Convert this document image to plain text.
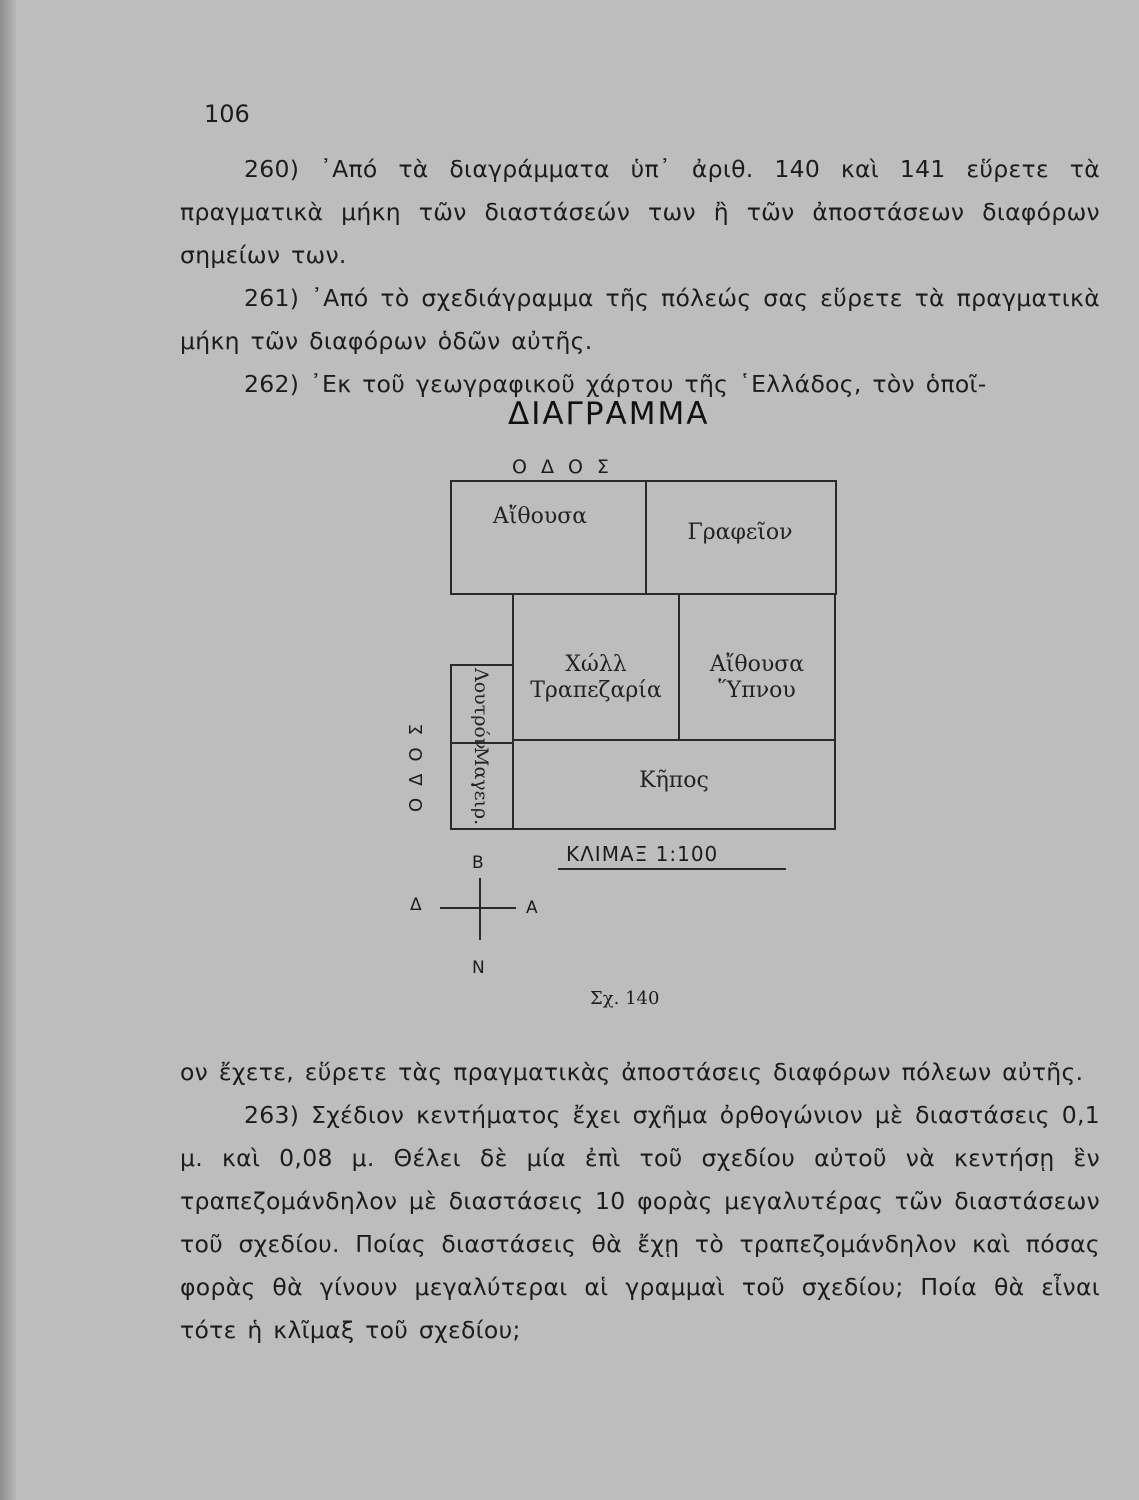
106

260) ᾿Από τὰ διαγράμματα ὑπ᾿ ἀριθ. 140 καὶ 141 εὕρετε τὰ πραγματικὰ μήκη τῶν διαστάσεών των ἢ τῶν ἀποστάσεων διαφόρων σημείων των.

261) ᾿Από τὸ σχεδιάγραμμα τῆς πόλεώς σας εὕρετε τὰ πραγματικὰ μήκη τῶν διαφόρων ὁδῶν αὐτῆς.

262) ᾿Εκ τοῦ γεωγραφικοῦ χάρτου τῆς ῾Ελλάδος, τὸν ὁποῖ-

ΔΙΑΓΡΑΜΜΑ
ΟΔΟΣ
ΟΔΟΣ
Αἴθουσα
Γραφεῖον
Χώλλ
Τραπεζαρία
Αἴθουσα
Ὕπνου
Λουτρόν
Μαγειρ.	Κῆπος
ΚΛΙΜΑΞ 1:100
Β
Ν
Α
Δ
Σχ. 140

ον ἔχετε, εὕρετε τὰς πραγματικὰς ἀποστάσεις διαφόρων πόλεων αὐτῆς.

263) Σχέδιον κεντήματος ἔχει σχῆμα ὀρθογώνιον μὲ διαστάσεις 0,1 μ. καὶ 0,08 μ. Θέλει δὲ μία ἐπὶ τοῦ σχεδίου αὐτοῦ νὰ κεντήσῃ ἓν τραπεζομάνδηλον μὲ διαστάσεις 10 φορὰς μεγαλυτέρας τῶν διαστάσεων τοῦ σχεδίου. Ποίας διαστάσεις θὰ ἔχῃ τὸ τραπεζομάνδηλον καὶ πόσας φορὰς θὰ γίνουν μεγαλύτεραι αἱ γραμμαὶ τοῦ σχεδίου; Ποία θὰ εἶναι τότε ἡ κλῖμαξ τοῦ σχεδίου;
